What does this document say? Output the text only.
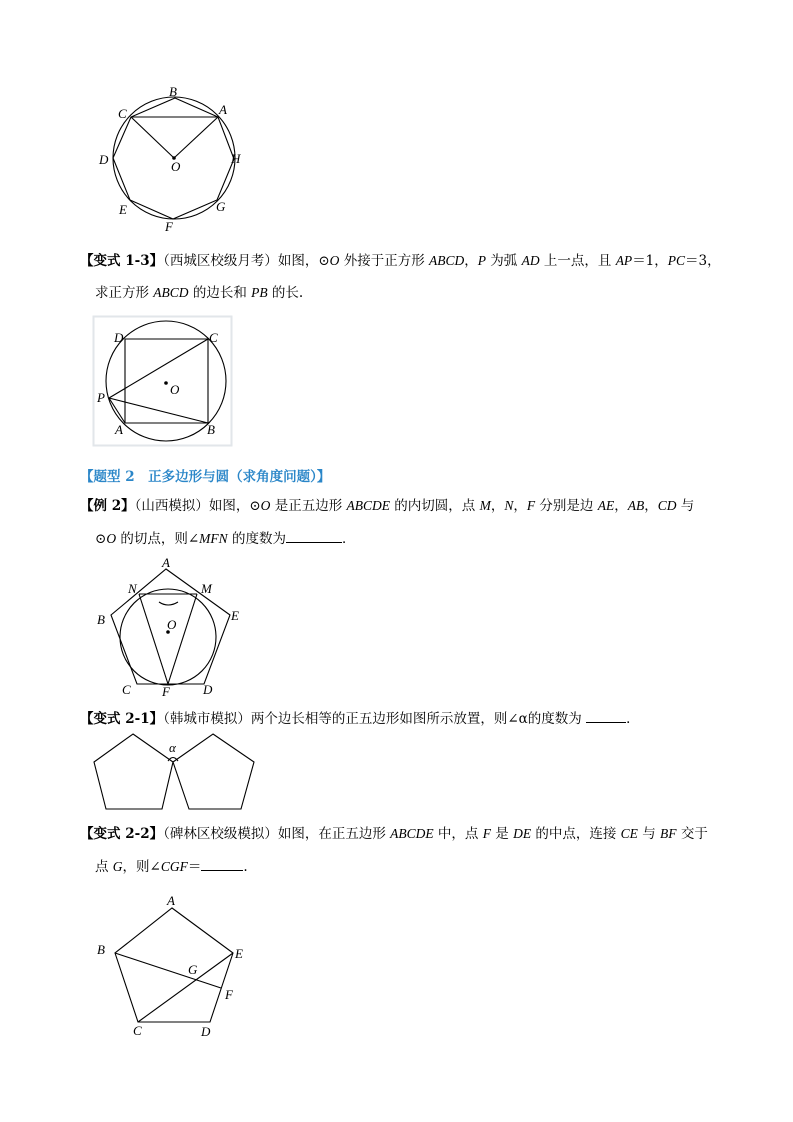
B
A
C
D	H
O
E	G
F
【变式 1-3】（西城区校级月考）如图，⊙O 外接于正方形 ABCD，P 为弧 AD 上一点，且 AP＝1，PC＝3，
求正方形 ABCD 的边长和 PB 的长.
D	C
O
P
A	B
【题型 2　正多边形与圆（求角度问题）】
【例 2】（山西模拟）如图，⊙O 是正五边形 ABCDE 的内切圆，点 M，N，F 分别是边 AE，AB，CD 与
⊙O 的切点，则∠MFN 的度数为	．
A
N	M
E
B	O
C F	D
【变式 2-1】（韩城市模拟）两个边长相等的正五边形如图所示放置，则∠α的度数为	．
α
【变式 2-2】（碑林区校级模拟）如图，在正五边形 ABCDE 中，点 F 是 DE 的中点，连接 CE 与 BF 交于
点 G，则∠CGF＝	.
A
B	E
G
F
C	D
